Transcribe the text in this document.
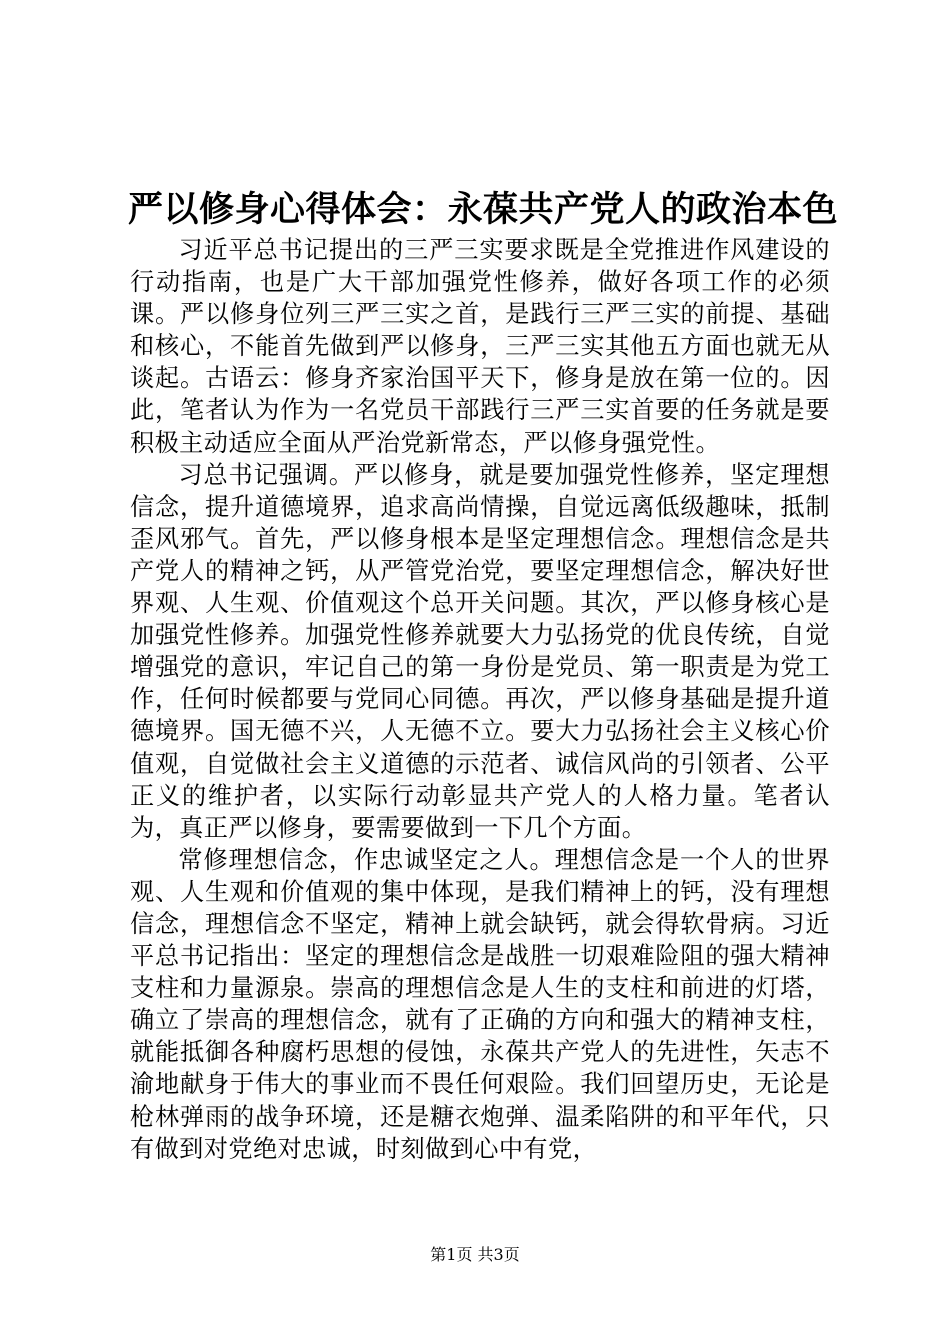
严以修身心得体会：永葆共产党人的政治本色

习近平总书记提出的三严三实要求既是全党推进作风建设的行动指南，也是广大干部加强党性修养，做好各项工作的必须课。严以修身位列三严三实之首，是践行三严三实的前提、基础和核心，不能首先做到严以修身，三严三实其他五方面也就无从谈起。古语云：修身齐家治国平天下，修身是放在第一位的。因此，笔者认为作为一名党员干部践行三严三实首要的任务就是要积极主动适应全面从严治党新常态，严以修身强党性。

习总书记强调。严以修身，就是要加强党性修养，坚定理想信念，提升道德境界，追求高尚情操，自觉远离低级趣味，抵制歪风邪气。首先，严以修身根本是坚定理想信念。理想信念是共产党人的精神之钙，从严管党治党，要坚定理想信念，解决好世界观、人生观、价值观这个总开关问题。其次，严以修身核心是加强党性修养。加强党性修养就要大力弘扬党的优良传统，自觉增强党的意识，牢记自己的第一身份是党员、第一职责是为党工作，任何时候都要与党同心同德。再次，严以修身基础是提升道德境界。国无德不兴，人无德不立。要大力弘扬社会主义核心价值观，自觉做社会主义道德的示范者、诚信风尚的引领者、公平正义的维护者，以实际行动彰显共产党人的人格力量。笔者认为，真正严以修身，要需要做到一下几个方面。

常修理想信念，作忠诚坚定之人。理想信念是一个人的世界观、人生观和价值观的集中体现，是我们精神上的钙，没有理想信念，理想信念不坚定，精神上就会缺钙，就会得软骨病。习近平总书记指出：坚定的理想信念是战胜一切艰难险阻的强大精神支柱和力量源泉。崇高的理想信念是人生的支柱和前进的灯塔，确立了崇高的理想信念，就有了正确的方向和强大的精神支柱，就能抵御各种腐朽思想的侵蚀，永葆共产党人的先进性，矢志不渝地献身于伟大的事业而不畏任何艰险。我们回望历史，无论是枪林弹雨的战争环境，还是糖衣炮弹、温柔陷阱的和平年代，只有做到对党绝对忠诚，时刻做到心中有党，

第1页 共3页
